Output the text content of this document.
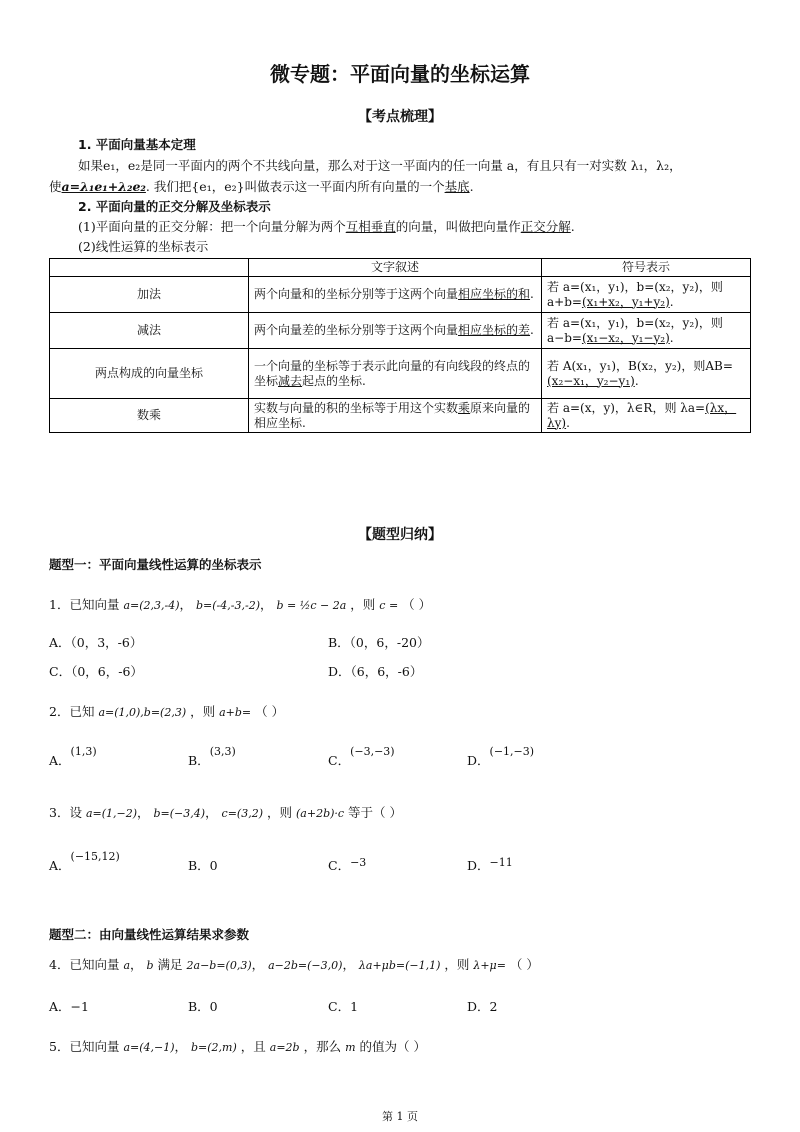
微专题：平面向量的坐标运算
【考点梳理】
1. 平面向量基本定理
如果e₁，e₂是同一平面内的两个不共线向量，那么对于这一平面内的任一向量 a，有且只有一对实数 λ₁，λ₂，
使a=λ₁e₁+λ₂e₂. 我们把{e₁，e₂}叫做表示这一平面内所有向量的一个基底.
2. 平面向量的正交分解及坐标表示
(1)平面向量的正交分解：把一个向量分解为两个互相垂直的向量，叫做把向量作正交分解.
(2)线性运算的坐标表示
	文字叙述	符号表示
加法	两个向量和的坐标分别等于这两个向量相应坐标的和.	若 a=(x₁，y₁)，b=(x₂，y₂)，则 a+b=(x₁+x₂，y₁+y₂).
减法	两个向量差的坐标分别等于这两个向量相应坐标的差.	若 a=(x₁，y₁)，b=(x₂，y₂)，则 a−b=(x₁−x₂，y₁−y₂).
两点构成的向量坐标	一个向量的坐标等于表示此向量的有向线段的终点的坐标减去起点的坐标.	若 A(x₁，y₁)，B(x₂，y₂)，则AB=(x₂−x₁，y₂−y₁).
数乘	实数与向量的积的坐标等于用这个实数乘原来向量的相应坐标.	若 a=(x，y)，λ∈R，则 λa=(λx，λy).
【题型归纳】
题型一：平面向量线性运算的坐标表示
1．已知向量 a=(2,3,-4)， b=(-4,-3,-2)， b = ½c − 2a ，则 c = （ ）
A．（0，3，-6）	B．（0，6，-20）
C．（0，6，-6）	D．（6，6，-6）
2．已知 a=(1,0),b=(2,3) ，则 a+b= （ ）
A．(1,3)
B．(3,3)
C．(−3,−3)
D．(−1,−3)
3．设 a=(1,−2)， b=(−3,4)， c=(3,2) ，则 (a+2b)·c 等于（ ）
A．(−15,12)
B．0	C．−3	D．−11
题型二：由向量线性运算结果求参数
4．已知向量 a， b 满足 2a−b=(0,3)， a−2b=(−3,0)， λa+μb=(−1,1) ，则 λ+μ= （ ）
A．−1	B．0	C．1	D．2
5．已知向量 a=(4,−1)， b=(2,m) ，且 a=2b ，那么 m 的值为（ ）
第 1 页
